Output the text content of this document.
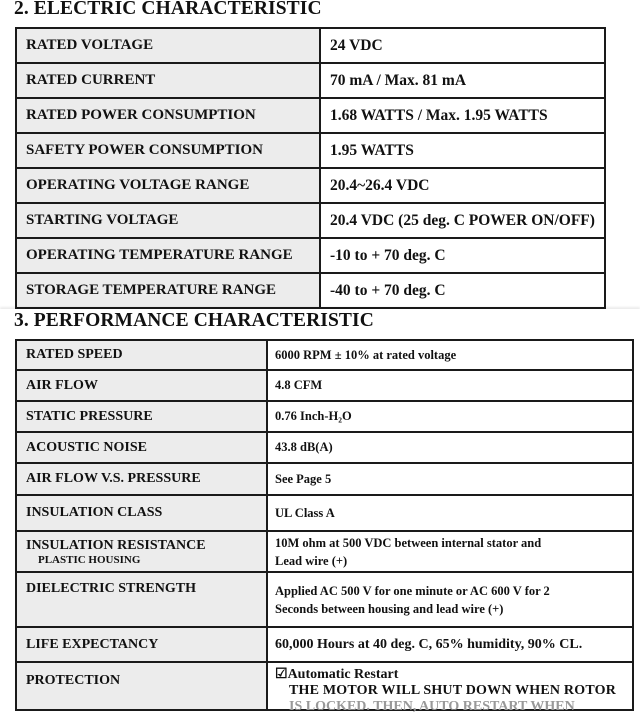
2. ELECTRIC CHARACTERISTIC
RATED VOLTAGE	24 VDC
RATED CURRENT	70 mA / Max. 81 mA
RATED POWER CONSUMPTION	1.68 WATTS / Max. 1.95 WATTS
SAFETY POWER CONSUMPTION	1.95 WATTS
OPERATING VOLTAGE RANGE	20.4~26.4 VDC
STARTING VOLTAGE	20.4 VDC (25 deg. C POWER ON/OFF)
OPERATING TEMPERATURE RANGE	-10 to + 70 deg. C
STORAGE TEMPERATURE RANGE	-40 to + 70 deg. C
3. PERFORMANCE CHARACTERISTIC
RATED SPEED	6000 RPM ± 10% at rated voltage
AIR FLOW	4.8 CFM
STATIC PRESSURE	0.76 Inch-H₂O
ACOUSTIC NOISE	43.8 dB(A)
AIR FLOW V.S. PRESSURE	See Page 5
INSULATION CLASS	UL Class A
INSULATION RESISTANCE
PLASTIC HOUSING	10M ohm at 500 VDC between internal stator and
Lead wire (+)

DIELECTRIC STRENGTH	Applied AC 500 V for one minute or AC 600 V for 2
Seconds between housing and lead wire (+)

LIFE EXPECTANCY	60,000 Hours at 40 deg. C, 65% humidity, 90% CL.
PROTECTION	☑Automatic Restart
THE MOTOR WILL SHUT DOWN WHEN ROTOR
IS LOCKED. THEN, AUTO RESTART WHEN
